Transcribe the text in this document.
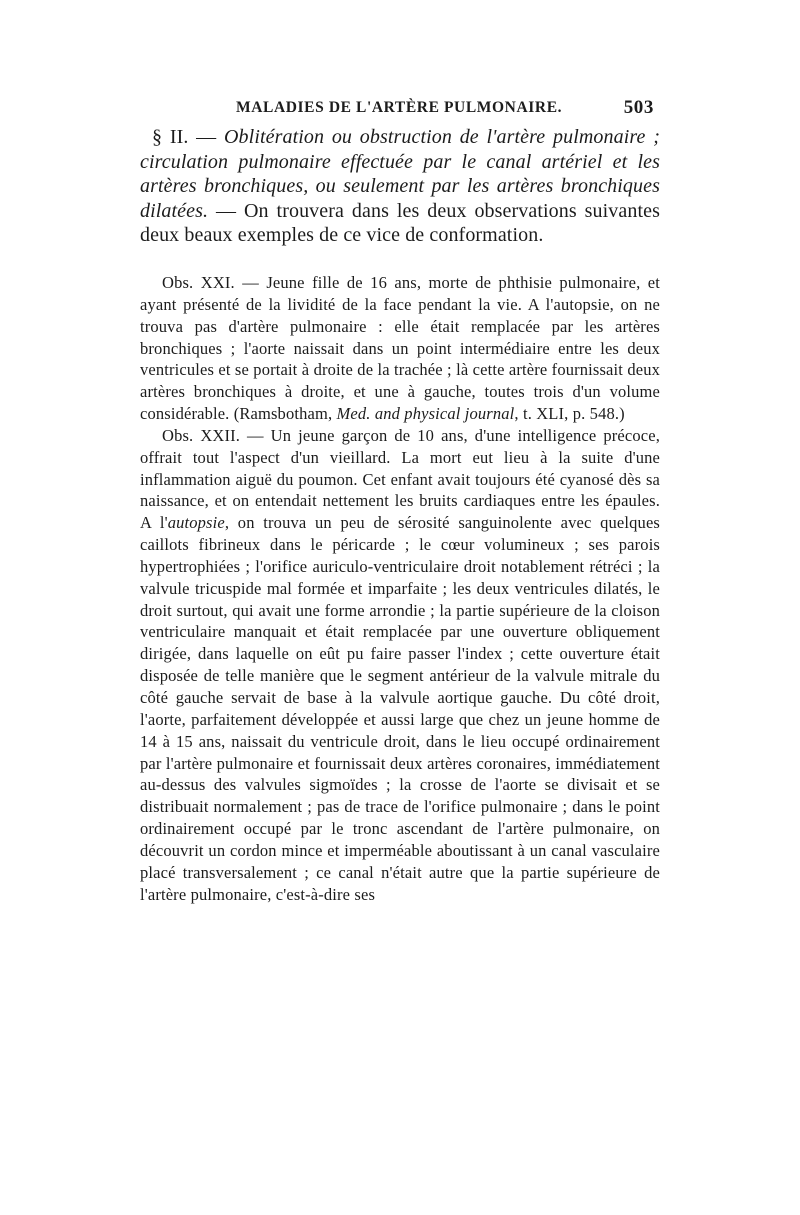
MALADIES DE L'ARTÈRE PULMONAIRE.	503
§ II. — Oblitération ou obstruction de l'artère pulmonaire ; circulation pulmonaire effectuée par le canal artériel et les artères bronchiques, ou seulement par les artères bronchiques dilatées. — On trouvera dans les deux observations suivantes deux beaux exemples de ce vice de conformation.

Obs. XXI. — Jeune fille de 16 ans, morte de phthisie pulmonaire, et ayant présenté de la lividité de la face pendant la vie. A l'autopsie, on ne trouva pas d'artère pulmonaire : elle était remplacée par les artères bronchiques ; l'aorte naissait dans un point intermédiaire entre les deux ventricules et se portait à droite de la trachée ; là cette artère fournissait deux artères bronchiques à droite, et une à gauche, toutes trois d'un volume considérable. (Ramsbotham, Med. and physical journal, t. XLI, p. 548.)

Obs. XXII. — Un jeune garçon de 10 ans, d'une intelligence précoce, offrait tout l'aspect d'un vieillard. La mort eut lieu à la suite d'une inflammation aiguë du poumon. Cet enfant avait toujours été cyanosé dès sa naissance, et on entendait nettement les bruits cardiaques entre les épaules. A l'autopsie, on trouva un peu de sérosité sanguinolente avec quelques caillots fibrineux dans le péricarde ; le cœur volumineux ; ses parois hypertrophiées ; l'orifice auriculo-ventriculaire droit notablement rétréci ; la valvule tricuspide mal formée et imparfaite ; les deux ventricules dilatés, le droit surtout, qui avait une forme arrondie ; la partie supérieure de la cloison ventriculaire manquait et était remplacée par une ouverture obliquement dirigée, dans laquelle on eût pu faire passer l'index ; cette ouverture était disposée de telle manière que le segment antérieur de la valvule mitrale du côté gauche servait de base à la valvule aortique gauche. Du côté droit, l'aorte, parfaitement développée et aussi large que chez un jeune homme de 14 à 15 ans, naissait du ventricule droit, dans le lieu occupé ordinairement par l'artère pulmonaire et fournissait deux artères coronaires, immédiatement au-dessus des valvules sigmoïdes ; la crosse de l'aorte se divisait et se distribuait normalement ; pas de trace de l'orifice pulmonaire ; dans le point ordinairement occupé par le tronc ascendant de l'artère pulmonaire, on découvrit un cordon mince et imperméable aboutissant à un canal vasculaire placé transversalement ; ce canal n'était autre que la partie supérieure de l'artère pulmonaire, c'est-à-dire ses
